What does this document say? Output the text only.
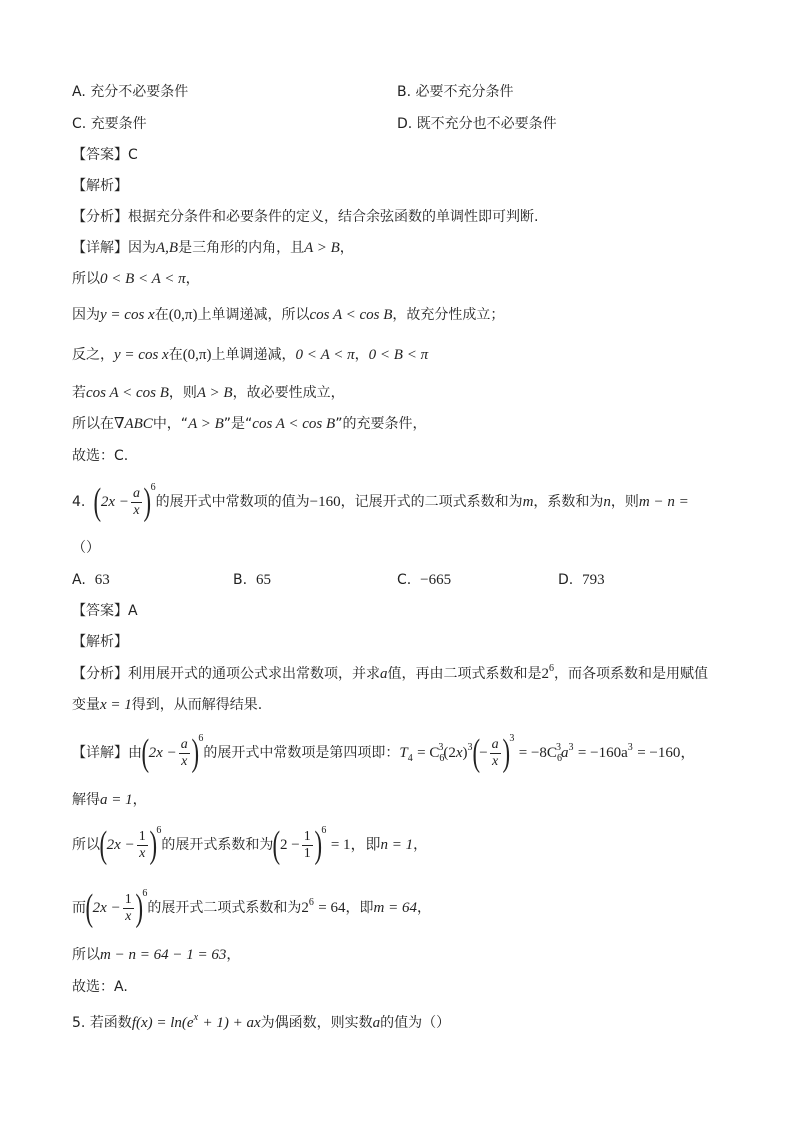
A. 充分不必要条件	B. 必要不充分条件
C. 充要条件	D. 既不充分也不必要条件
【答案】C
【解析】
【分析】根据充分条件和必要条件的定义，结合余弦函数的单调性即可判断.
【详解】因为A,B是三角形的内角，且A > B，
所以0 < B < A < π，
因为y = cos x在(0,π)上单调递减，所以cos A < cos B，故充分性成立；
反之，y = cos x在(0,π)上单调递减，0 < A < π，0 < B < π
若cos A < cos B，则A > B，故必要性成立，
所以在∇ABC中，“A > B”是“cos A < cos B”的充要条件，
故选：C.
4. $(2x - \frac{a}{x} )^6$的展开式中常数项的值为−160，记展开式的二项式系数和为m，系数和为n，则m − n =
（）
A. 63	B. 65	C. −665	D. 793
【答案】A
【解析】
【分析】利用展开式的通项公式求出常数项，并求a值，再由二项式系数和是$2^6$，而各项系数和是用赋值
变量x = 1得到，从而解得结果.
【详解】由$(2x - \frac{a}{x} )^6$的展开式中常数项是第四项即：$T_4 = C_6^3(2x)^3(- \frac{a}{x} )^3 = -8C_6^3a^3 = -160a^3 = -160$，
解得a = 1，
所以$(2x - \frac{1}{x} )^6$的展开式系数和为$(2 - \frac{1}{1} )^6 = 1$，即n = 1，
而$(2x - \frac{1}{x} )^6$的展开式二项式系数和为$2^6 = 64$，即m = 64，
所以m − n = 64 − 1 = 63，
故选：A.
5. 若函数$f(x) = \ln(e^x + 1)$ + ax为偶函数，则实数a的值为（）
